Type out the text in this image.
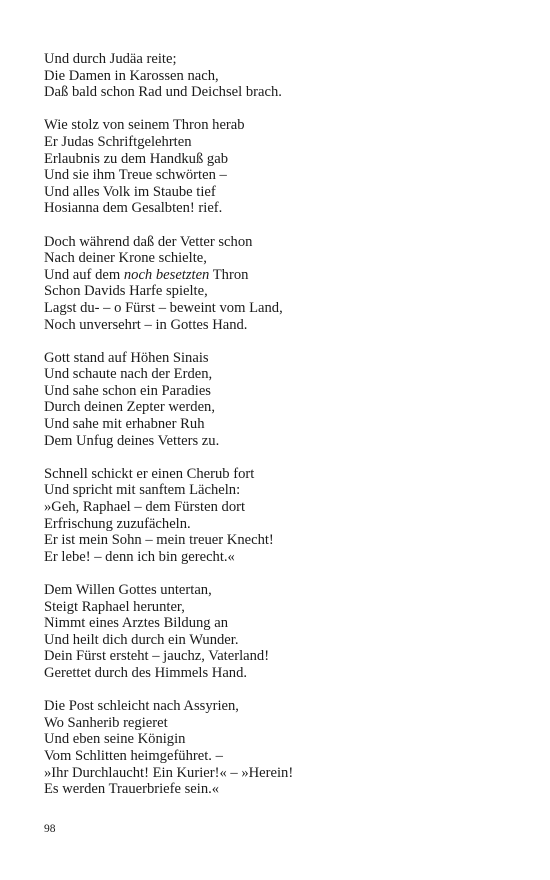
Und durch Judäa reite;
Die Damen in Karossen nach,
Daß bald schon Rad und Deichsel brach.
Wie stolz von seinem Thron herab
Er Judas Schriftgelehrten
Erlaubnis zu dem Handkuß gab
Und sie ihm Treue schwörten –
Und alles Volk im Staube tief
Hosianna dem Gesalbten! rief.
Doch während daß der Vetter schon
Nach deiner Krone schielte,
Und auf dem noch besetzten Thron
Schon Davids Harfe spielte,
Lagst du- – o Fürst – beweint vom Land,
Noch unversehrt – in Gottes Hand.
Gott stand auf Höhen Sinais
Und schaute nach der Erden,
Und sahe schon ein Paradies
Durch deinen Zepter werden,
Und sahe mit erhabner Ruh
Dem Unfug deines Vetters zu.
Schnell schickt er einen Cherub fort
Und spricht mit sanftem Lächeln:
»Geh, Raphael – dem Fürsten dort
Erfrischung zuzufächeln.
Er ist mein Sohn – mein treuer Knecht!
Er lebe! – denn ich bin gerecht.«
Dem Willen Gottes untertan,
Steigt Raphael herunter,
Nimmt eines Arztes Bildung an
Und heilt dich durch ein Wunder.
Dein Fürst ersteht – jauchz, Vaterland!
Gerettet durch des Himmels Hand.
Die Post schleicht nach Assyrien,
Wo Sanherib regieret
Und eben seine Königin
Vom Schlitten heimgeführet. –
»Ihr Durchlaucht! Ein Kurier!« – »Herein!
Es werden Trauerbriefe sein.«
98
